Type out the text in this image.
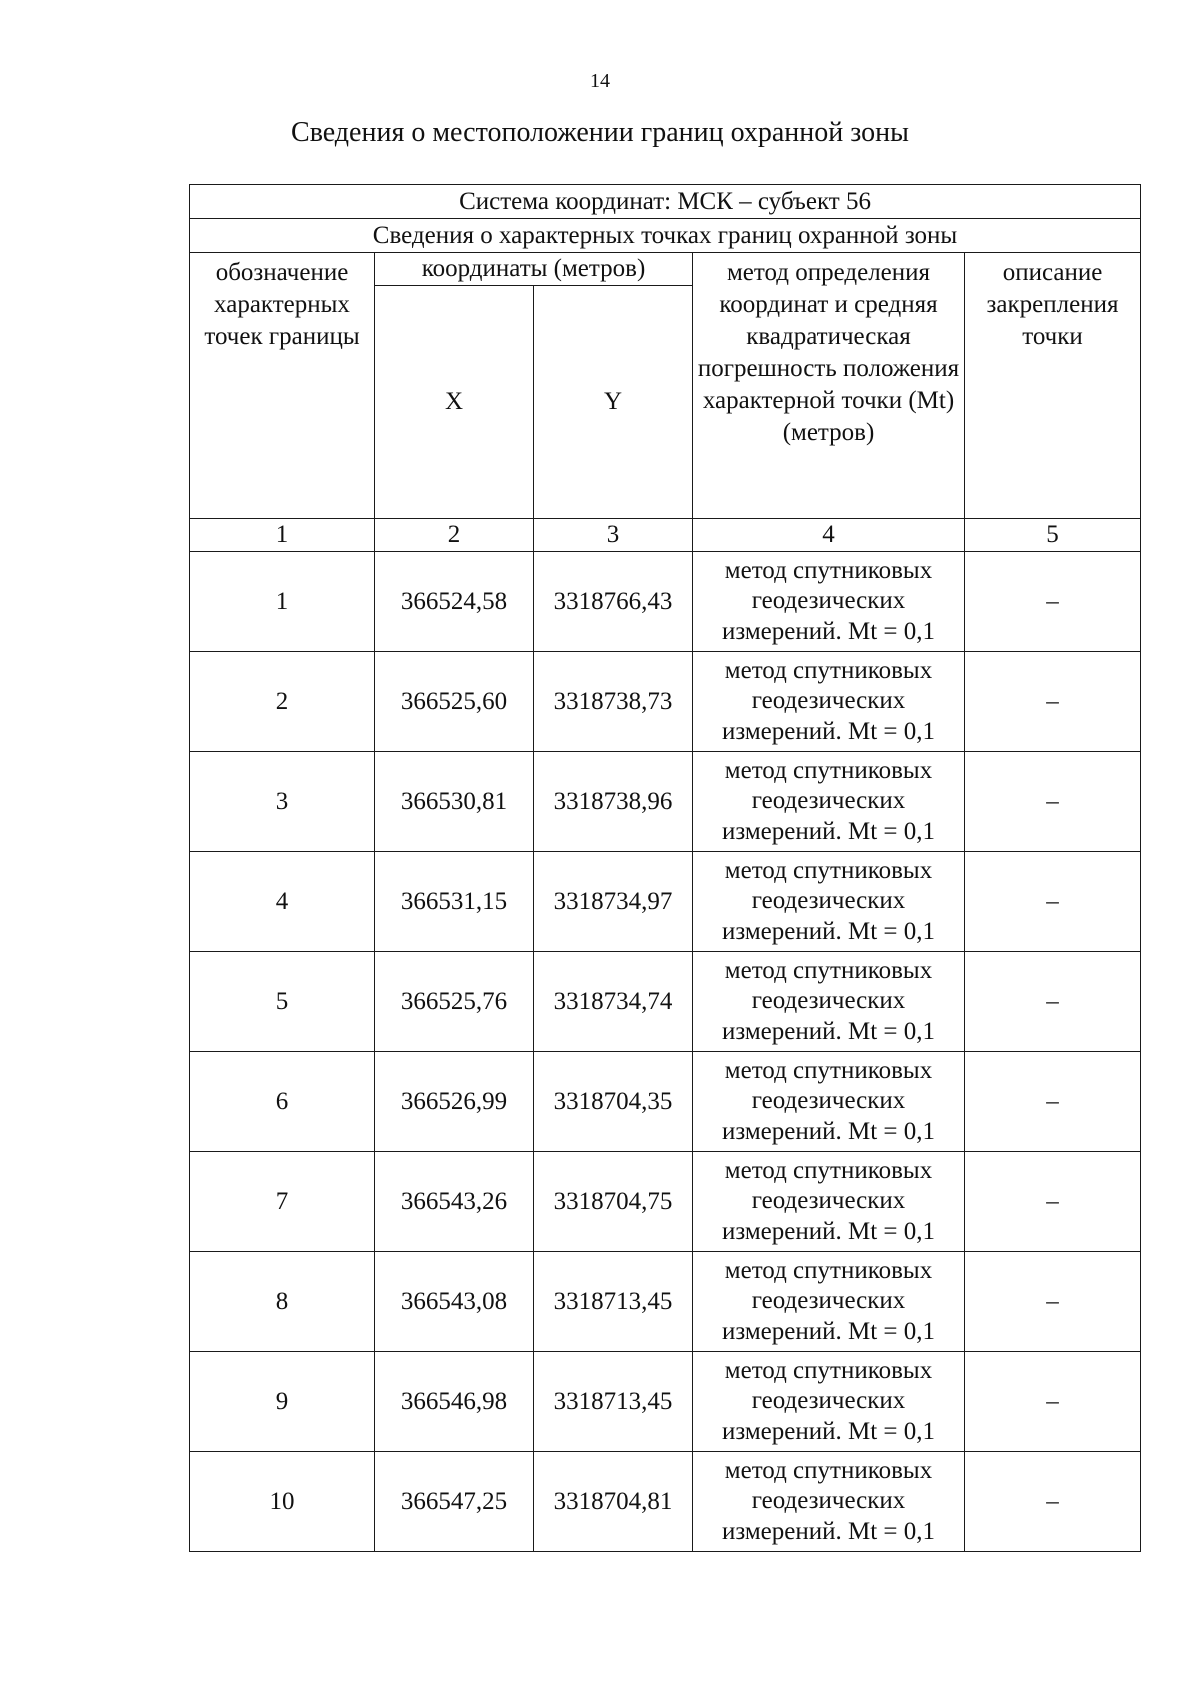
14
Сведения о местоположении границ охранной зоны
Система координат: МСК – субъект 56				
Сведения о характерных точках границ охранной зоны				
обозначение характерных точек границы	координаты (метров)		метод определения координат и средняя квадратическая погрешность положения характерной точки (Mt) (метров)	описание закрепления точки
	X	Y		
1	2	3	4	5
1	366524,58	3318766,43	метод спутниковых геодезических измерений. Mt = 0,1	–
2	366525,60	3318738,73	метод спутниковых геодезических измерений. Mt = 0,1	–
3	366530,81	3318738,96	метод спутниковых геодезических измерений. Mt = 0,1	–
4	366531,15	3318734,97	метод спутниковых геодезических измерений. Mt = 0,1	–
5	366525,76	3318734,74	метод спутниковых геодезических измерений. Mt = 0,1	–
6	366526,99	3318704,35	метод спутниковых геодезических измерений. Mt = 0,1	–
7	366543,26	3318704,75	метод спутниковых геодезических измерений. Mt = 0,1	–
8	366543,08	3318713,45	метод спутниковых геодезических измерений. Mt = 0,1	–
9	366546,98	3318713,45	метод спутниковых геодезических измерений. Mt = 0,1	–
10	366547,25	3318704,81	метод спутниковых геодезических измерений. Mt = 0,1	–
